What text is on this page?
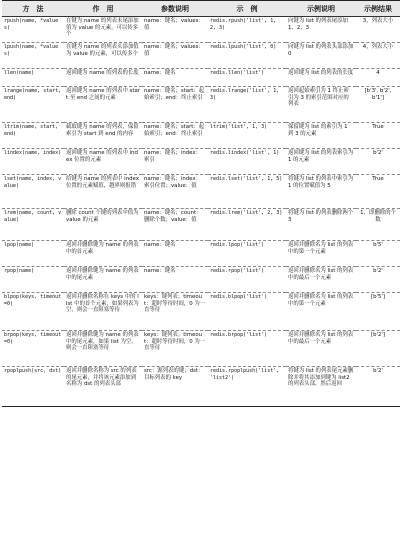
方　法	作　用	参数说明	示　例	示例说明	示例结果
rpush(name, *values)	在键为 name 的列表末尾添加值为 value 的元素，可以传多个	name：键名；values：值	redis.rpush('list', 1, 2, 3)	向键为 list 的列表尾添加 1、2、3	3，列表大小
lpush(name, *values)	在键为 name 的列表头添加值为 value 的元素，可以传多个	name：键名；values：值	redis.lpush('list', 0)	向键为 list 的列表头部添加 0	4，列表大小
llen(name)	返回键为 name 的列表的长度	name：键名	redis.llen('list')	返回键为 list 的列表的长度	4
lrange(name, start, end)	返回键为 name 的列表中 start 至 end 之间的元素	name：键名；start：起始索引；end：终止索引	redis.lrange('list', 1, 3)	返回起始索引为 1 终止索引为 3 的索引范围对应的列表	[b'3', b'2', b'1']
ltrim(name, start, end)	截取键为 name 的列表，保留索引为 start 到 end 的内容	name：键名；start：起始索引；end：终止索引	ltrim('list', 1, 3)	保留键为 list 的索引为 1 到 3 的元素	True
lindex(name, index)	返回键为 name 的列表中 index 位置的元素	name：键名；index：索引	redis.lindex('list', 1)	返回键为 list 的列表索引为 1 的元素	b'2'
lset(name, index, value)	给键为 name 的列表中 index 位置的元素赋值，越界则报错	name：键名；index：索引位置；value：值	redis.lset('list', 1, 5)	将键为 list 的列表中索引为 1 的位置赋值为 5	True
lrem(name, count, value)	删除 count 个键的列表中值为 value 的元素	name：键名；count：删除个数；value：值	redis.lrem('list', 2, 3)	将键为 list 的列表删除两个 3	1，即删除的个数
lpop(name)	返回并删除键为 name 的列表中的首元素	name：键名	redis.lpop('list')	返回并删除名为 list 的列表中的第一个元素	b'5'
rpop(name)	返回并删除键为 name 的列表中的尾元素	name：键名	redis.rpop('list')	返回并删除名为 list 的列表中的最后一个元素	b'2'
blpop(keys, timeout=0)	返回并删除名称在 keys 中的 list 中的首个元素，如果列表为空，则会一直阻塞等待	keys：键列表；timeout：超时等待时间，0 为一直等待	redis.blpop('list')	返回并删除名为 list 的列表中的第一个元素	[b'5']
brpop(keys, timeout=0)	返回并删除键为 name 的列表中的尾元素，如果 list 为空，则会一直阻塞等待	keys：键列表；timeout：超时等待时间，0 为一直等待	redis.brpop('list')	返回并删除名为 list 的列表中的最后一个元素	[b'2']
rpoplpush(src, dst)	返回并删除名称为 src 的列表的尾元素，并将该元素添加到名称为 dst 的列表头部	src：源列表的键；dst：目标列表的 key	redis.rpoplpush('list', 'list2')	将键为 list 的列表尾元素删除并将其添加到键为 list2 的列表头部，然后返回	b'2'
